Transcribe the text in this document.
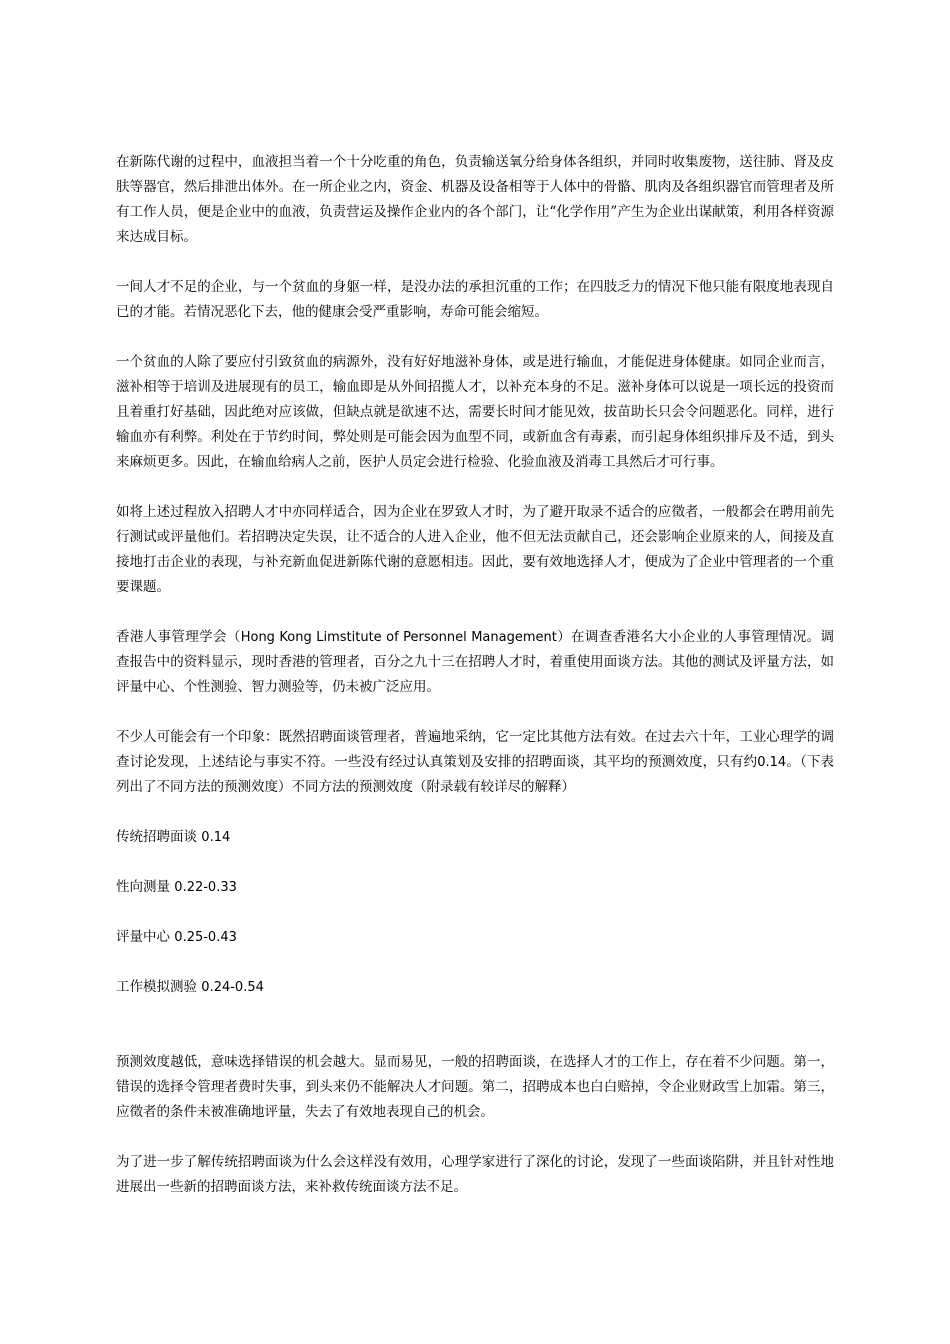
在新陈代谢的过程中，血液担当着一个十分吃重的角色，负责输送氧分给身体各组织，并同时收集废物，送往肺、肾及皮肤等器官，然后排泄出体外。在一所企业之内，资金、机器及设备相等于人体中的骨骼、肌肉及各组织器官而管理者及所有工作人员，便是企业中的血液，负责营运及操作企业内的各个部门，让“化学作用”产生为企业出谋献策，利用各样资源来达成目标。

一间人才不足的企业，与一个贫血的身躯一样，是没办法的承担沉重的工作；在四肢乏力的情况下他只能有限度地表现自已的才能。若情况恶化下去，他的健康会受严重影响，寿命可能会缩短。

一个贫血的人除了要应付引致贫血的病源外，没有好好地滋补身体，或是进行输血，才能促进身体健康。如同企业而言，滋补相等于培训及进展现有的员工，输血即是从外间招揽人才，以补充本身的不足。滋补身体可以说是一项长远的投资而且着重打好基础，因此绝对应该做，但缺点就是欲速不达，需要长时间才能见效，拔苗助长只会令问题恶化。同样，进行输血亦有利弊。利处在于节约时间，弊处则是可能会因为血型不同，或新血含有毒素，而引起身体组织排斥及不适，到头来麻烦更多。因此，在输血给病人之前，医护人员定会进行检验、化验血液及消毒工具然后才可行事。

如将上述过程放入招聘人才中亦同样适合，因为企业在罗致人才时，为了避开取录不适合的应徵者，一般都会在聘用前先行测试或评量他们。若招聘决定失误，让不适合的人进入企业，他不但无法贡献自己，还会影响企业原来的人，间接及直接地打击企业的表现，与补充新血促进新陈代谢的意愿相违。因此，要有效地选择人才，便成为了企业中管理者的一个重要课题。

香港人事管理学会（Hong Kong Limstitute of Personnel Management）在调查香港名大小企业的人事管理情况。调查报告中的资料显示，现时香港的管理者，百分之九十三在招聘人才时，着重使用面谈方法。其他的测试及评量方法，如评量中心、个性测验、智力测验等，仍未被广泛应用。

不少人可能会有一个印象：既然招聘面谈管理者，普遍地采纳，它一定比其他方法有效。在过去六十年，工业心理学的调查讨论发现，上述结论与事实不符。一些没有经过认真策划及安排的招聘面谈，其平均的预测效度，只有约0.14。（下表列出了不同方法的预测效度）不同方法的预测效度（附录载有较详尽的解释）

传统招聘面谈 0.14
性向测量 0.22-0.33
评量中心 0.25-0.43
工作模拟测验 0.24-0.54

预测效度越低，意味选择错误的机会越大。显而易见，一般的招聘面谈，在选择人才的工作上，存在着不少问题。第一，错误的选择令管理者费时失事，到头来仍不能解决人才问题。第二，招聘成本也白白赔掉，令企业财政雪上加霜。第三，应徵者的条件未被准确地评量，失去了有效地表现自己的机会。

为了进一步了解传统招聘面谈为什么会这样没有效用，心理学家进行了深化的讨论，发现了一些面谈陷阱，并且针对性地进展出一些新的招聘面谈方法，来补救传统面谈方法不足。
